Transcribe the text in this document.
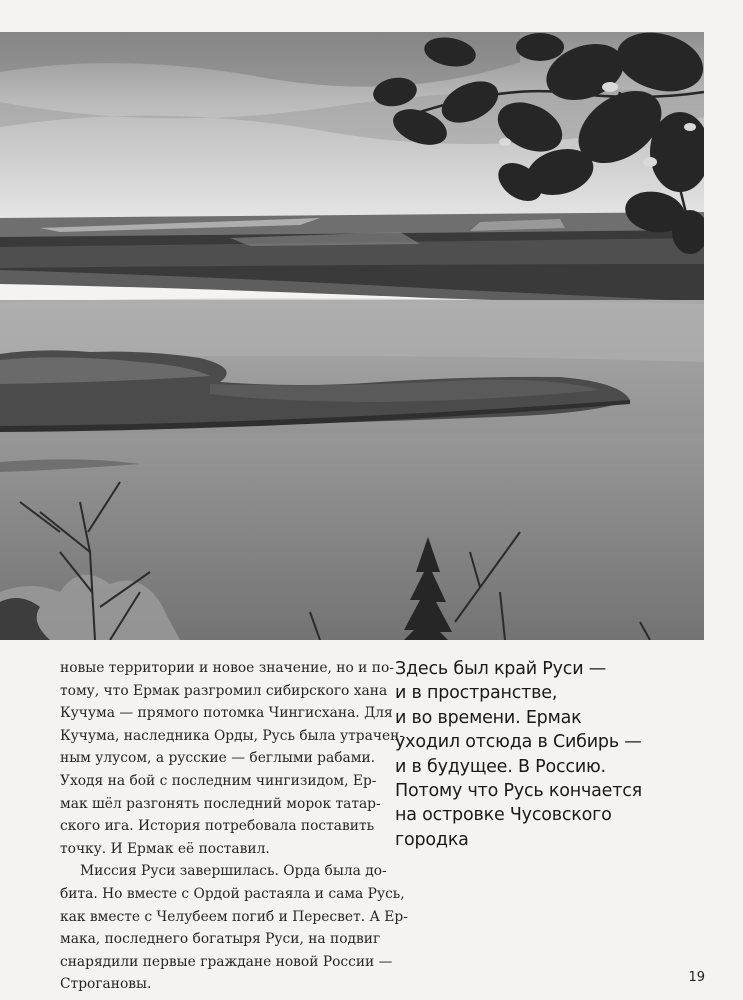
новые территории и новое значение, но и по-
тому, что Ермак разгромил сибирского хана
Кучума — прямого потомка Чингисхана. Для
Кучума, наследника Орды, Русь была утрачен-
ным улусом, а русские — беглыми рабами.
Уходя на бой с последним чингизидом, Ер-
мак шёл разгонять последний морок татар-
ского ига. История потребовала поставить
точку. И Ермак её поставил.

Миссия Руси завершилась. Орда была до-
бита. Но вместе с Ордой растаяла и сама Русь,
как вместе с Челубеем погиб и Пересвет. А Ер-
мака, последнего богатыря Руси, на подвиг
снарядили первые граждане новой России —
Строгановы.

Здесь был край Руси —
и в пространстве,
и во времени. Ермак
уходил отсюда в Сибирь —
и в будущее. В Россию.
Потому что Русь кончается
на островке Чусовского
городка
19
